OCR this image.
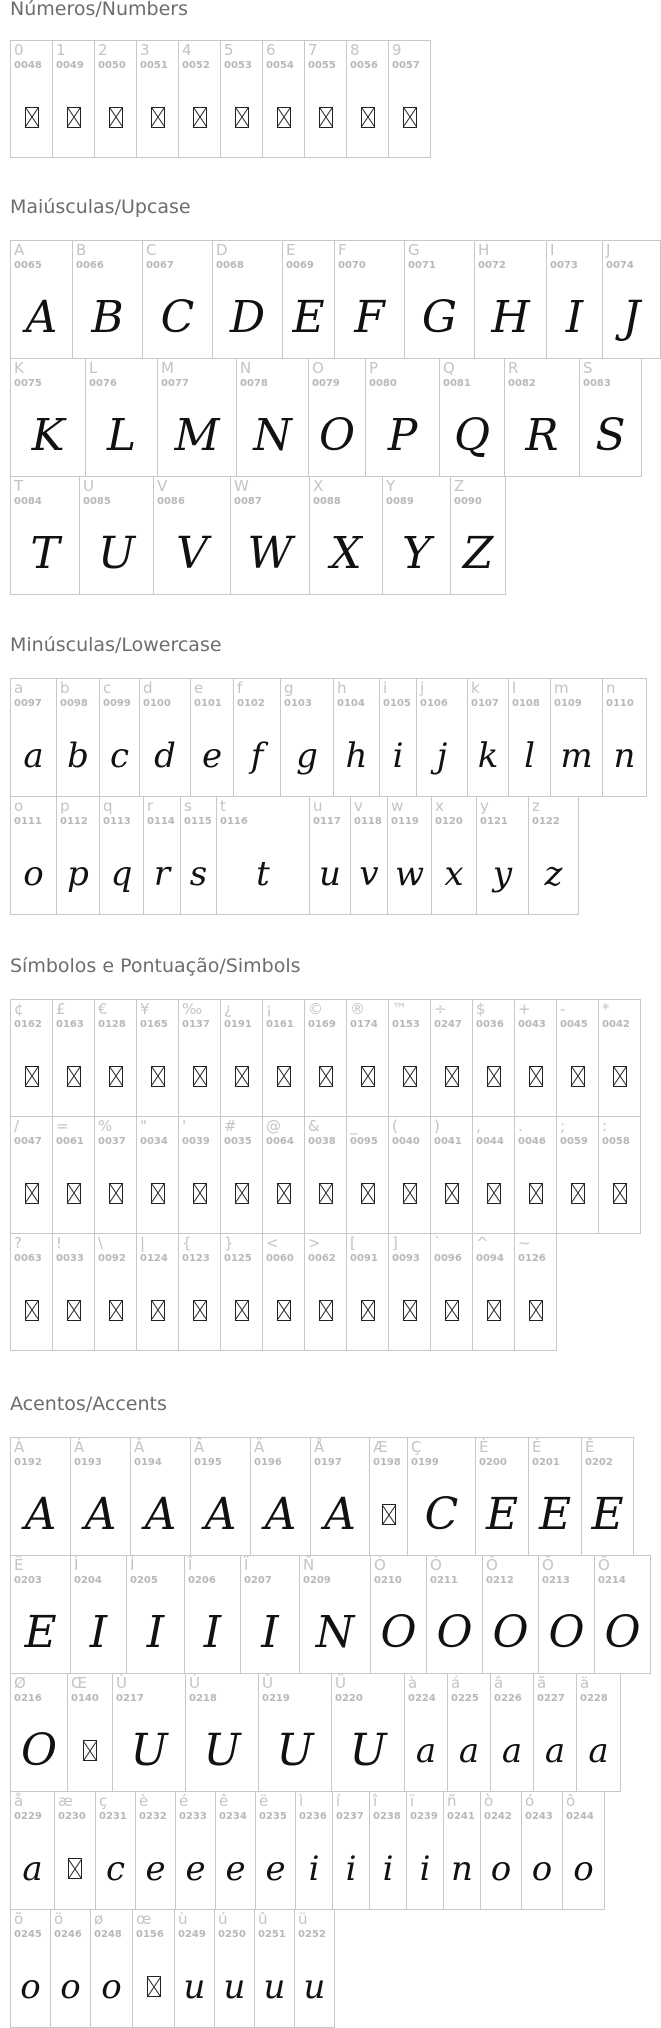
Números/Numbers
0
0048
1
0049
2
0050
3
0051
4
0052
5
0053
6
0054
7
0055
8
0056
9
0057
Maiúsculas/Upcase
A
0065
A
B
0066
B
C
0067
C
D
0068
D
E
0069
E
F
0070
F
G
0071
G
H
0072
H
I
0073
I
J
0074
J
K
0075
K
L
0076
L
M
0077
M
N
0078
N
O
0079
O
P
0080
P
Q
0081
Q
R
0082
R
S
0083
S
T
0084
T
U
0085
U
V
0086
V
W
0087
W
X
0088
X
Y
0089
Y
Z
0090
Z
Minúsculas/Lowercase
a
0097
a
b
0098
b
c
0099
c
d
0100
d
e
0101
e
f
0102
f
g
0103
g
h
0104
h
i
0105
i
j
0106
j
k
0107
k
l
0108
l
m
0109
m
n
0110
n
o
0111
o
p
0112
p
q
0113
q
r
0114
r
s
0115
s
t
0116
t
u
0117
u
v
0118
v
w
0119
w
x
0120
x
y
0121
y
z
0122
z
Símbolos e Pontuação/Simbols
¢
0162
£
0163
€
0128
¥
0165
‰
0137
¿
0191
¡
0161
©
0169
®
0174
™
0153
÷
0247
$
0036
+
0043
-
0045
*
0042
/
0047
=
0061
%
0037
"
0034
'
0039
#
0035
@
0064
&
0038
_
0095
(
0040
)
0041
,
0044
.
0046
;
0059
:
0058
?
0063
!
0033
\
0092
|
0124
{
0123
}
0125
<
0060
>
0062
[
0091
]
0093
`
0096
^
0094
~
0126
Acentos/Accents
À
0192
A
Á
0193
A
Â
0194
A
Ã
0195
A
Ä
0196
A
Å
0197
A
Æ
0198
Ç
0199
C
È
0200
E
É
0201
E
Ê
0202
E
Ë
0203
E
Ì
0204
I
Í
0205
I
Î
0206
I
Ï
0207
I
Ñ
0209
N
Ò
0210
O
Ó
0211
O
Ô
0212
O
Õ
0213
O
Ö
0214
O
Ø
0216
O
Œ
0140
Ù
0217
U
Ú
0218
U
Û
0219
U
Ü
0220
U
à
0224
a
á
0225
a
â
0226
a
ã
0227
a
ä
0228
a
å
0229
a
æ
0230
ç
0231
c
è
0232
e
é
0233
e
ê
0234
e
ë
0235
e
ì
0236
i
í
0237
i
î
0238
i
ï
0239
i
ñ
0241
n
ò
0242
o
ó
0243
o
ô
0244
o
õ
0245
o
ö
0246
o
ø
0248
o
œ
0156
ù
0249
u
ú
0250
u
û
0251
u
ü
0252
u
